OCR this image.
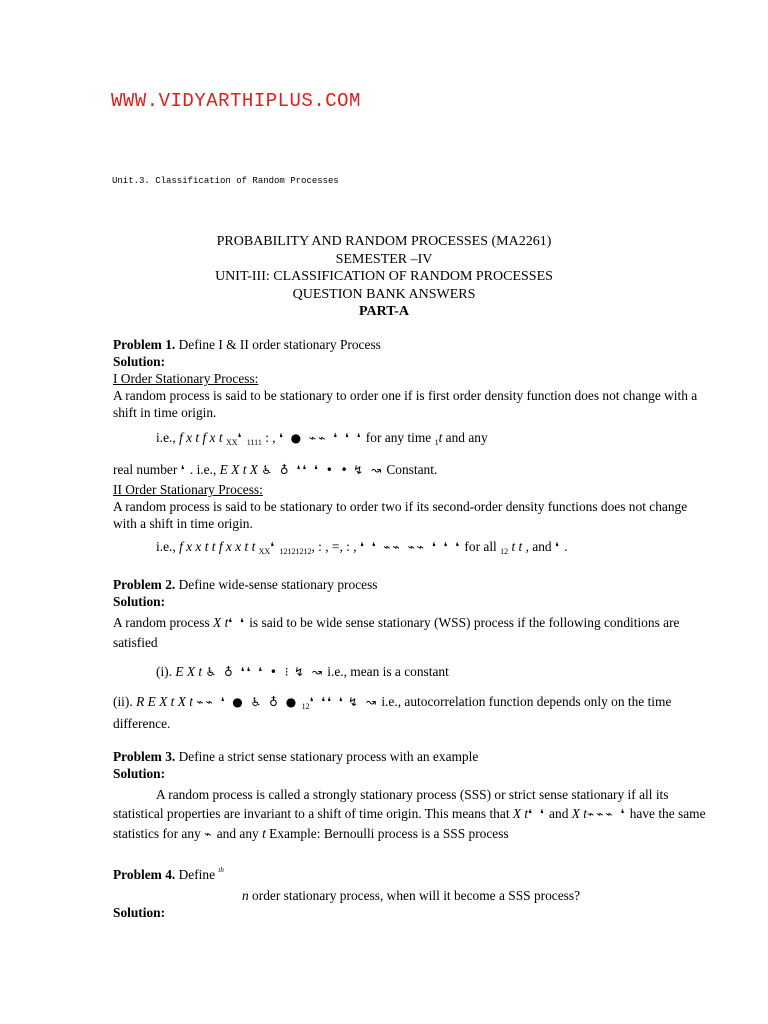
WWW.VIDYARTHIPLUS.COM
Unit.3. Classification of Random Processes
PROBABILITY AND RANDOM PROCESSES (MA2261)
SEMESTER –IV
UNIT-III: CLASSIFICATION OF RANDOM PROCESSES
QUESTION BANK ANSWERS
PART-A

Problem 1. Define I & II order stationary Process

Solution:

I Order Stationary Process:

A random process is said to be stationary to order one if is first order density function does not change with a shift in time origin.

i.e., f x t f x t $_{XX}$❛ $_{1111}$ : , ❛ ● ⌁⌁ ❛ ❛ ❛ for any time $_1$t and any

real number ❛ . i.e., E X t X ♿ ♁ ❛❛ ❛ • • ↯ ↝ Constant.

II Order Stationary Process:

A random process is said to be stationary to order two if its second-order density functions does not change with a shift in time origin.

i.e., f x x t t f x x t t $_{XX}$❛ $_{12121212}$, : , =, : , ❛ ❛ ⌁⌁ ⌁⌁ ❛ ❛ ❛ for all $_{12}$ t t , and ❛ .

Problem 2. Define wide-sense stationary process

Solution:

A random process X t❛ ❛ is said to be wide sense stationary (WSS) process if the following conditions are satisfied

(i). E X t ♿ ♁ ❛❛ ❛ • ⁝ ↯ ↝ i.e., mean is a constant

(ii). R E X t X t ⌁⌁ ❛ ● ♿ ♁ ● $_{12}$❛ ❛❛ ❛ ↯ ↝ i.e., autocorrelation function depends only on the time difference.

Problem 3. Define a strict sense stationary process with an example

Solution:

A random process is called a strongly stationary process (SSS) or strict sense stationary if all its statistical properties are invariant to a shift of time origin. This means that X t❛ ❛ and X t⌁⌁⌁ ❛ have the same statistics for any ⌁ and any t Example: Bernoulli process is a SSS process

Problem 4. Define $^{th}$

n order stationary process, when will it become a SSS process?

Solution:
